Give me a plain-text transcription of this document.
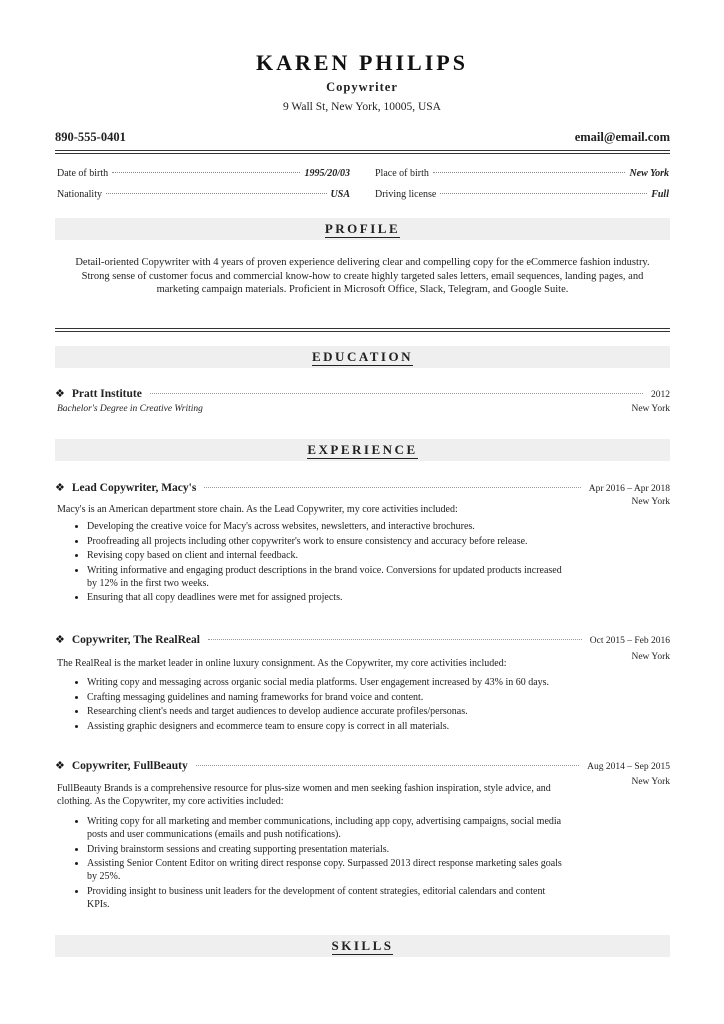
KAREN PHILIPS
Copywriter
9 Wall St, New York, 10005, USA
890-555-0401	email@email.com
Date of birth	1995/20/03	Place of birth	New York
Nationality	USA	Driving license	Full
PROFILE
Detail-oriented Copywriter with 4 years of proven experience delivering clear and compelling copy for the eCommerce fashion industry. Strong sense of customer focus and commercial know-how to create highly targeted sales letters, email sequences, landing pages, and marketing campaign materials. Proficient in Microsoft Office, Slack, Telegram, and Google Suite.
EDUCATION
❖ Pratt Institute	2012
Bachelor's Degree in Creative Writing	New York
EXPERIENCE
❖ Lead Copywriter, Macy's	Apr 2016 – Apr 2018
New York
Macy's is an American department store chain. As the Lead Copywriter, my core activities included:
• Developing the creative voice for Macy's across websites, newsletters, and interactive brochures.
• Proofreading all projects including other copywriter's work to ensure consistency and accuracy before release.
• Revising copy based on client and internal feedback.
• Writing informative and engaging product descriptions in the brand voice. Conversions for updated products increased by 12% in the first two weeks.
• Ensuring that all copy deadlines were met for assigned projects.
❖ Copywriter, The RealReal	Oct 2015 – Feb 2016
New York
The RealReal is the market leader in online luxury consignment. As the Copywriter, my core activities included:
• Writing copy and messaging across organic social media platforms. User engagement increased by 43% in 60 days.
• Crafting messaging guidelines and naming frameworks for brand voice and content.
• Researching client's needs and target audiences to develop audience accurate profiles/personas.
• Assisting graphic designers and ecommerce team to ensure copy is correct in all materials.
❖ Copywriter, FullBeauty	Aug 2014 – Sep 2015
New York
FullBeauty Brands is a comprehensive resource for plus-size women and men seeking fashion inspiration, style advice, and clothing. As the Copywriter, my core activities included:
• Writing copy for all marketing and member communications, including app copy, advertising campaigns, social media posts and user communications (emails and push notifications).
• Driving brainstorm sessions and creating supporting presentation materials.
• Assisting Senior Content Editor on writing direct response copy. Surpassed 2013 direct response marketing sales goals by 25%.
• Providing insight to business unit leaders for the development of content strategies, editorial calendars and content KPIs.
SKILLS
